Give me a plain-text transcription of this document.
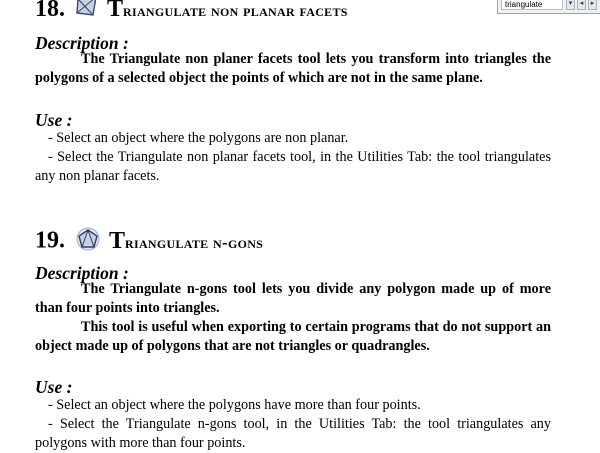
triangulate	▾	◂	▸
18. Triangulate non planar facets
Description :
The Triangulate non planer facets tool lets you transform into triangles the polygons of a selected object the points of which are not in the same plane.
Use :
- Select an object where the polygons are non planar.
- Select the Triangulate non planar facets tool, in the Utilities Tab: the tool triangulates any non planar facets.
19. Triangulate n-gons
Description :
The Triangulate n-gons tool lets you divide any polygon made up of more than four points into triangles.
This tool is useful when exporting to certain programs that do not support an object made up of polygons that are not triangles or quadrangles.
Use :
- Select an object where the polygons have more than four points.
- Select the Triangulate n-gons tool, in the Utilities Tab: the tool triangulates any polygons with more than four points.
